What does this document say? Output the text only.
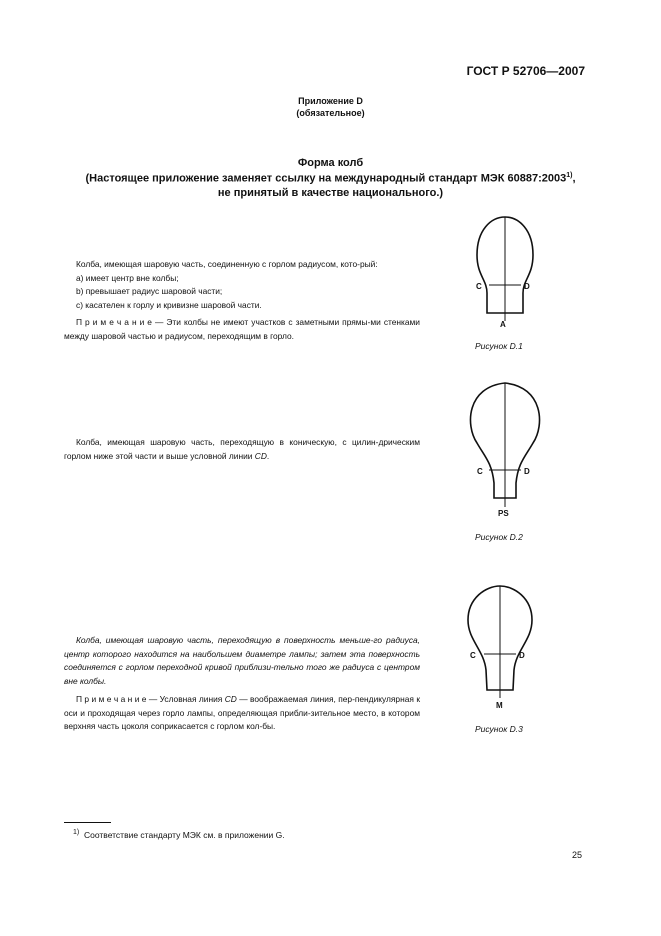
ГОСТ Р 52706—2007
Приложение D
(обязательное)
Форма колб
(Настоящее приложение заменяет ссылку на международный стандарт МЭК 60887:2003$^{1)}$,
не принятый в качестве национального.)

Колба, имеющая шаровую часть, соединенную с горлом радиусом, кото-рый:

а) имеет центр вне колбы;

b) превышает радиус шаровой части;

c) касателен к горлу и кривизне шаровой части.

П р и м е ч а н и е — Эти колбы не имеют участков с заметными прямы-ми стенками между шаровой частью и радиусом, переходящим в горло.

C	D
A
Рисунок D.1

Колба, имеющая шаровую часть, переходящую в коническую, с цилин-дрическим горлом ниже этой части и выше условной линии CD.

C	D
PS
Рисунок D.2

Колба, имеющая шаровую часть, переходящую в поверхность меньше-го радиуса, центр которого находится на наибольшем диаметре лампы; затем эта поверхность соединяется с горлом переходной кривой приблизи-тельно того же радиуса с центром вне колбы.

П р и м е ч а н и е — Условная линия CD — воображаемая линия, пер-пендикулярная к оси и проходящая через горло лампы, определяющая прибли-зительное место, в котором верхняя часть цоколя соприкасается с горлом кол-бы.

C	D
M
Рисунок D.3
$^{1)}$ Соответствие стандарту МЭК см. в приложении G.
25
